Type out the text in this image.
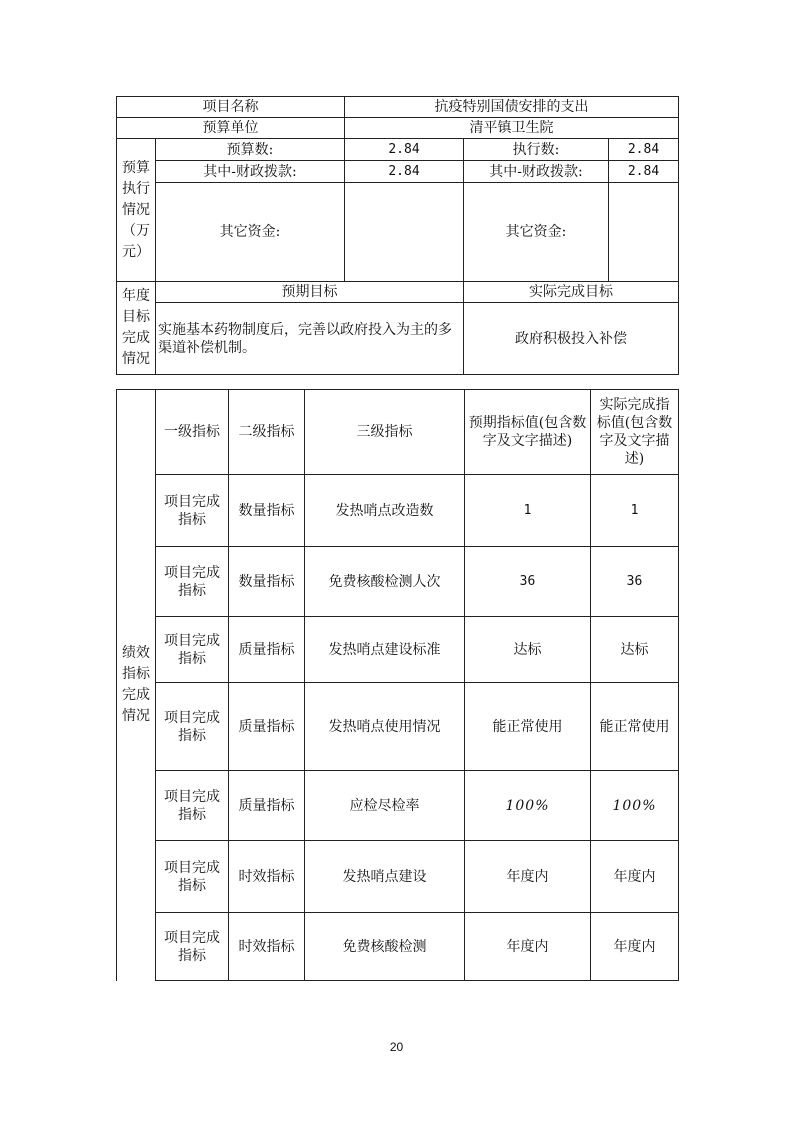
项目名称		抗疫特别国债安排的支出		
预算单位		清平镇卫生院		
预算执行情况（万元）	预算数:	2.84	执行数:	2.84
	其中-财政拨款:	2.84	其中-财政拨款:	2.84
	其它资金:		其它资金:	
年度目标完成情况	预期目标		实际完成目标	
	实施基本药物制度后，完善以政府投入为主的多渠道补偿机制。		政府积极投入补偿	
绩效指标完成情况	一级指标	二级指标	三级指标	预期指标值(包含数字及文字描述)	实际完成指标值(包含数字及文字描述)
	项目完成指标	数量指标	发热哨点改造数	1	1
	项目完成指标	数量指标	免费核酸检测人次	36	36
	项目完成指标	质量指标	发热哨点建设标准	达标	达标
	项目完成指标	质量指标	发热哨点使用情况	能正常使用	能正常使用
	项目完成指标	质量指标	应检尽检率	100%	100%
	项目完成指标	时效指标	发热哨点建设	年度内	年度内
	项目完成指标	时效指标	免费核酸检测	年度内	年度内
20
